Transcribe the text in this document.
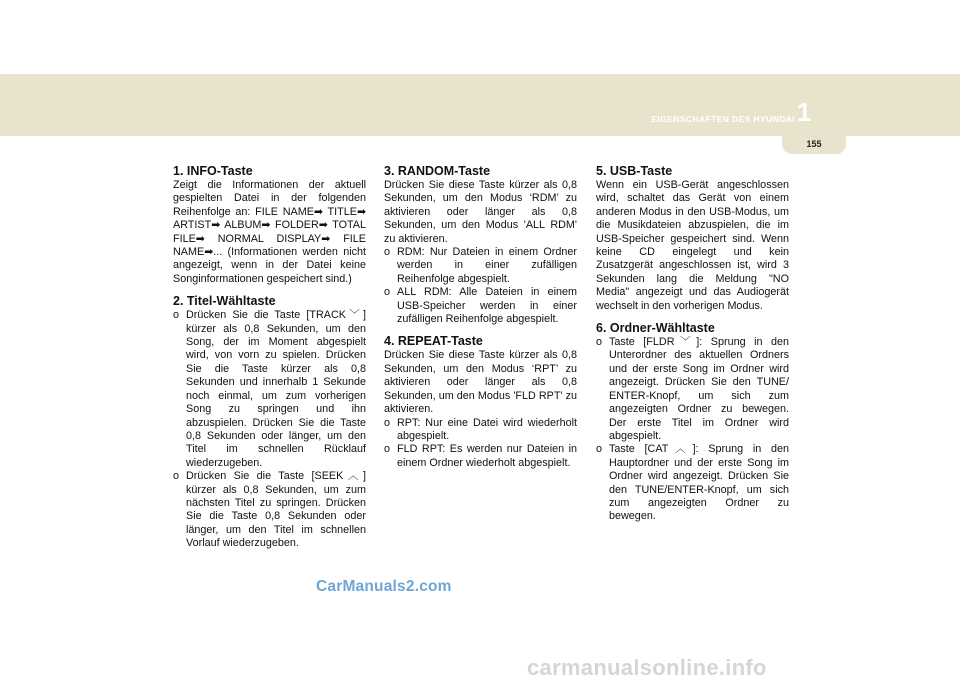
EIGENSCHAFTEN DES HYUNDAI 1
155
1. INFO-Taste

Zeigt die Informationen der aktuell gespielten Datei in der folgenden Reihenfolge an: FILE NAME➡ TITLE➡ ARTIST➡ ALBUM➡ FOLDER➡ TOTAL FILE➡ NORMAL DISPLAY➡ FILE NAME➡... (Informationen werden nicht angezeigt, wenn in der Datei keine Songinformationen gespeichert sind.)

2. Titel-Wähltaste
o Drücken Sie die Taste [TRACK﹀] kürzer als 0,8 Sekunden, um den Song, der im Moment abgespielt wird, von vorn zu spielen. Drücken Sie die Taste kürzer als 0,8 Sekunden und innerhalb 1 Sekunde noch einmal, um zum vorherigen Song zu springen und ihn abzuspielen. Drücken Sie die Taste 0,8 Sekunden oder länger, um den Titel im schnellen Rücklauf wiederzugeben.
o Drücken Sie die Taste [SEEK︿] kürzer als 0,8 Sekunden, um zum nächsten Titel zu springen. Drücken Sie die Taste 0,8 Sekunden oder länger, um den Titel im schnellen Vorlauf wiederzugeben.
3. RANDOM-Taste

Drücken Sie diese Taste kürzer als 0,8 Sekunden, um den Modus ‘RDM’ zu aktivieren oder länger als 0,8 Sekunden, um den Modus 'ALL RDM' zu aktivieren.

o RDM: Nur Dateien in einem Ordner werden in einer zufälligen Reihenfolge abgespielt.
o ALL RDM: Alle Dateien in einem USB-Speicher werden in einer zufälligen Reihenfolge abgespielt.
4. REPEAT-Taste

Drücken Sie diese Taste kürzer als 0,8 Sekunden, um den Modus ‘RPT’ zu aktivieren oder länger als 0,8 Sekunden, um den Modus 'FLD RPT' zu aktivieren.

o RPT: Nur eine Datei wird wiederholt abgespielt.
o FLD RPT: Es werden nur Dateien in einem Ordner wiederholt abgespielt.
5. USB-Taste

Wenn ein USB-Gerät angeschlossen wird, schaltet das Gerät von einem anderen Modus in den USB-Modus, um die Musikdateien abzuspielen, die im USB-Speicher gespeichert sind. Wenn keine CD eingelegt und kein Zusatzgerät angeschlossen ist, wird 3 Sekunden lang die Meldung "NO Media" angezeigt und das Audiogerät wechselt in den vorherigen Modus.

6. Ordner-Wähltaste
o Taste [FLDR﹀]: Sprung in den Unterordner des aktuellen Ordners und der erste Song im Ordner wird angezeigt. Drücken Sie den TUNE/ ENTER-Knopf, um sich zum angezeigten Ordner zu bewegen. Der erste Titel im Ordner wird abgespielt.
o Taste [CAT︿]: Sprung in den Hauptordner und der erste Song im Ordner wird angezeigt. Drücken Sie den TUNE/ENTER-Knopf, um sich zum angezeigten Ordner zu bewegen.
CarManuals2.com
carmanualsonline.info
